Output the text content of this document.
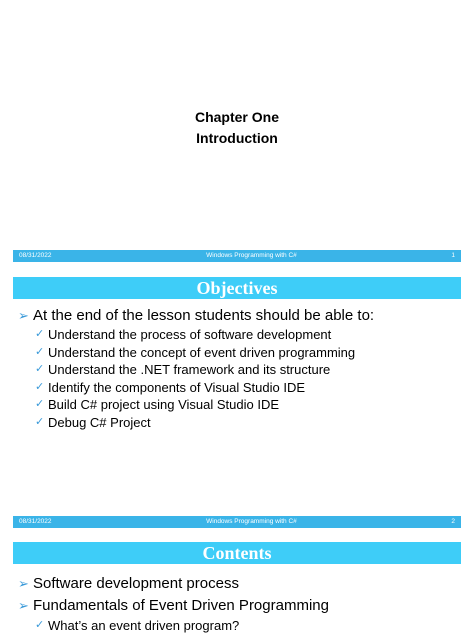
Chapter One
Introduction
08/31/2022	Windows Programming with C#	1
Objectives
➢ At the end of the lesson students should be able to:
✓ Understand the process of software development
✓ Understand the concept of event driven programming
✓ Understand the .NET framework and its structure
✓ Identify the components of Visual Studio IDE
✓ Build C# project using Visual Studio IDE
✓ Debug C# Project
08/31/2022	Windows Programming with C#	2
Contents
➢ Software development process
➢ Fundamentals of Event Driven Programming
✓ What’s an event driven program?
